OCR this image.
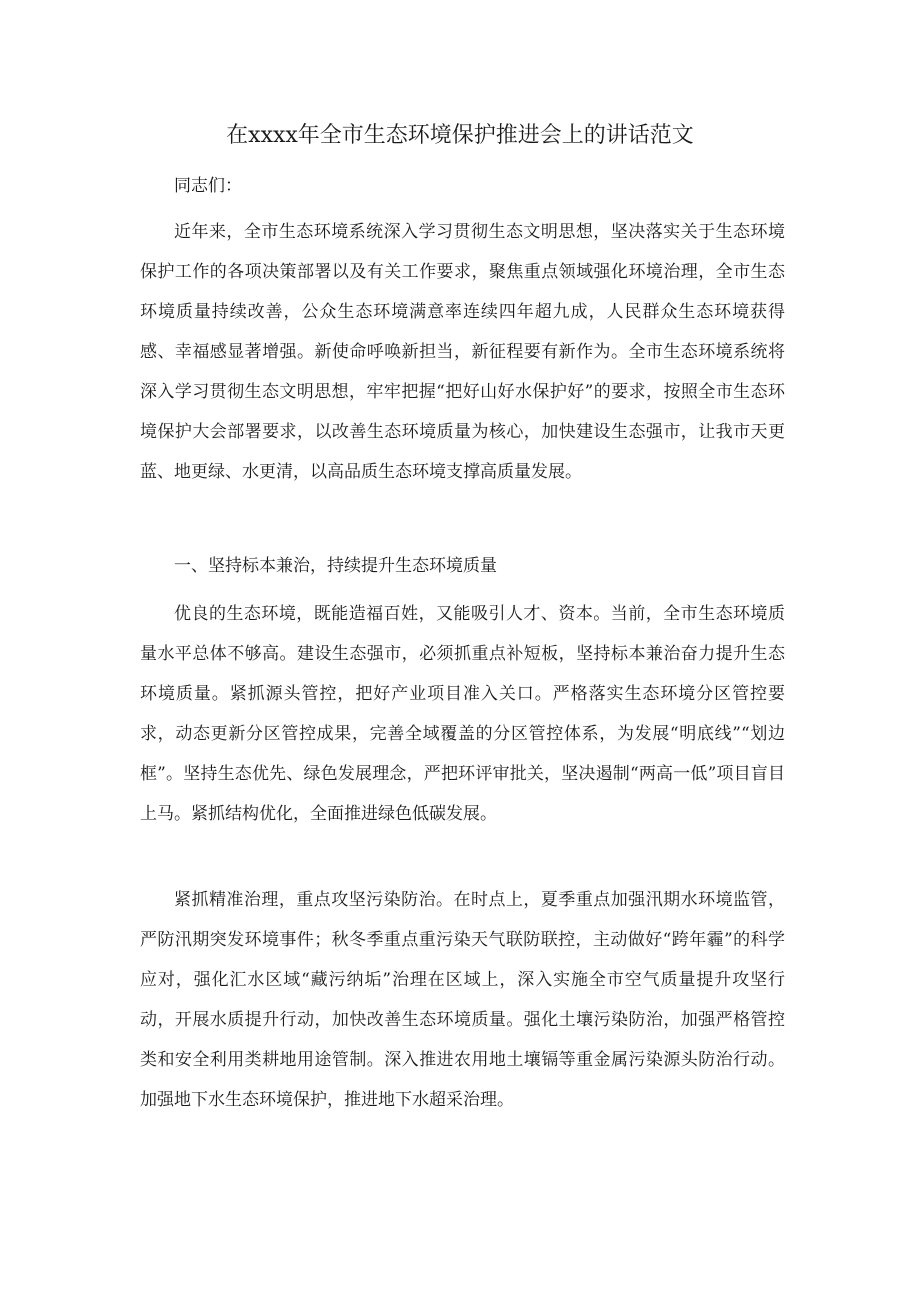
在xxxx年全市生态环境保护推进会上的讲话范文

同志们：

近年来，全市生态环境系统深入学习贯彻生态文明思想，坚决落实关于生态环境保护工作的各项决策部署以及有关工作要求，聚焦重点领域强化环境治理，全市生态环境质量持续改善，公众生态环境满意率连续四年超九成，人民群众生态环境获得感、幸福感显著增强。新使命呼唤新担当，新征程要有新作为。全市生态环境系统将深入学习贯彻生态文明思想，牢牢把握“把好山好水保护好”的要求，按照全市生态环境保护大会部署要求，以改善生态环境质量为核心，加快建设生态强市，让我市天更蓝、地更绿、水更清，以高品质生态环境支撑高质量发展。

一、坚持标本兼治，持续提升生态环境质量

优良的生态环境，既能造福百姓，又能吸引人才、资本。当前，全市生态环境质量水平总体不够高。建设生态强市，必须抓重点补短板，坚持标本兼治奋力提升生态环境质量。紧抓源头管控，把好产业项目准入关口。严格落实生态环境分区管控要求，动态更新分区管控成果，完善全域覆盖的分区管控体系，为发展“明底线”“划边框”。坚持生态优先、绿色发展理念，严把环评审批关，坚决遏制“两高一低”项目盲目上马。紧抓结构优化，全面推进绿色低碳发展。

紧抓精准治理，重点攻坚污染防治。在时点上，夏季重点加强汛期水环境监管，严防汛期突发环境事件；秋冬季重点重污染天气联防联控，主动做好“跨年霾”的科学应对，强化汇水区域“藏污纳垢”治理在区域上，深入实施全市空气质量提升攻坚行动，开展水质提升行动，加快改善生态环境质量。强化土壤污染防治，加强严格管控类和安全利用类耕地用途管制。深入推进农用地土壤镉等重金属污染源头防治行动。加强地下水生态环境保护，推进地下水超采治理。
